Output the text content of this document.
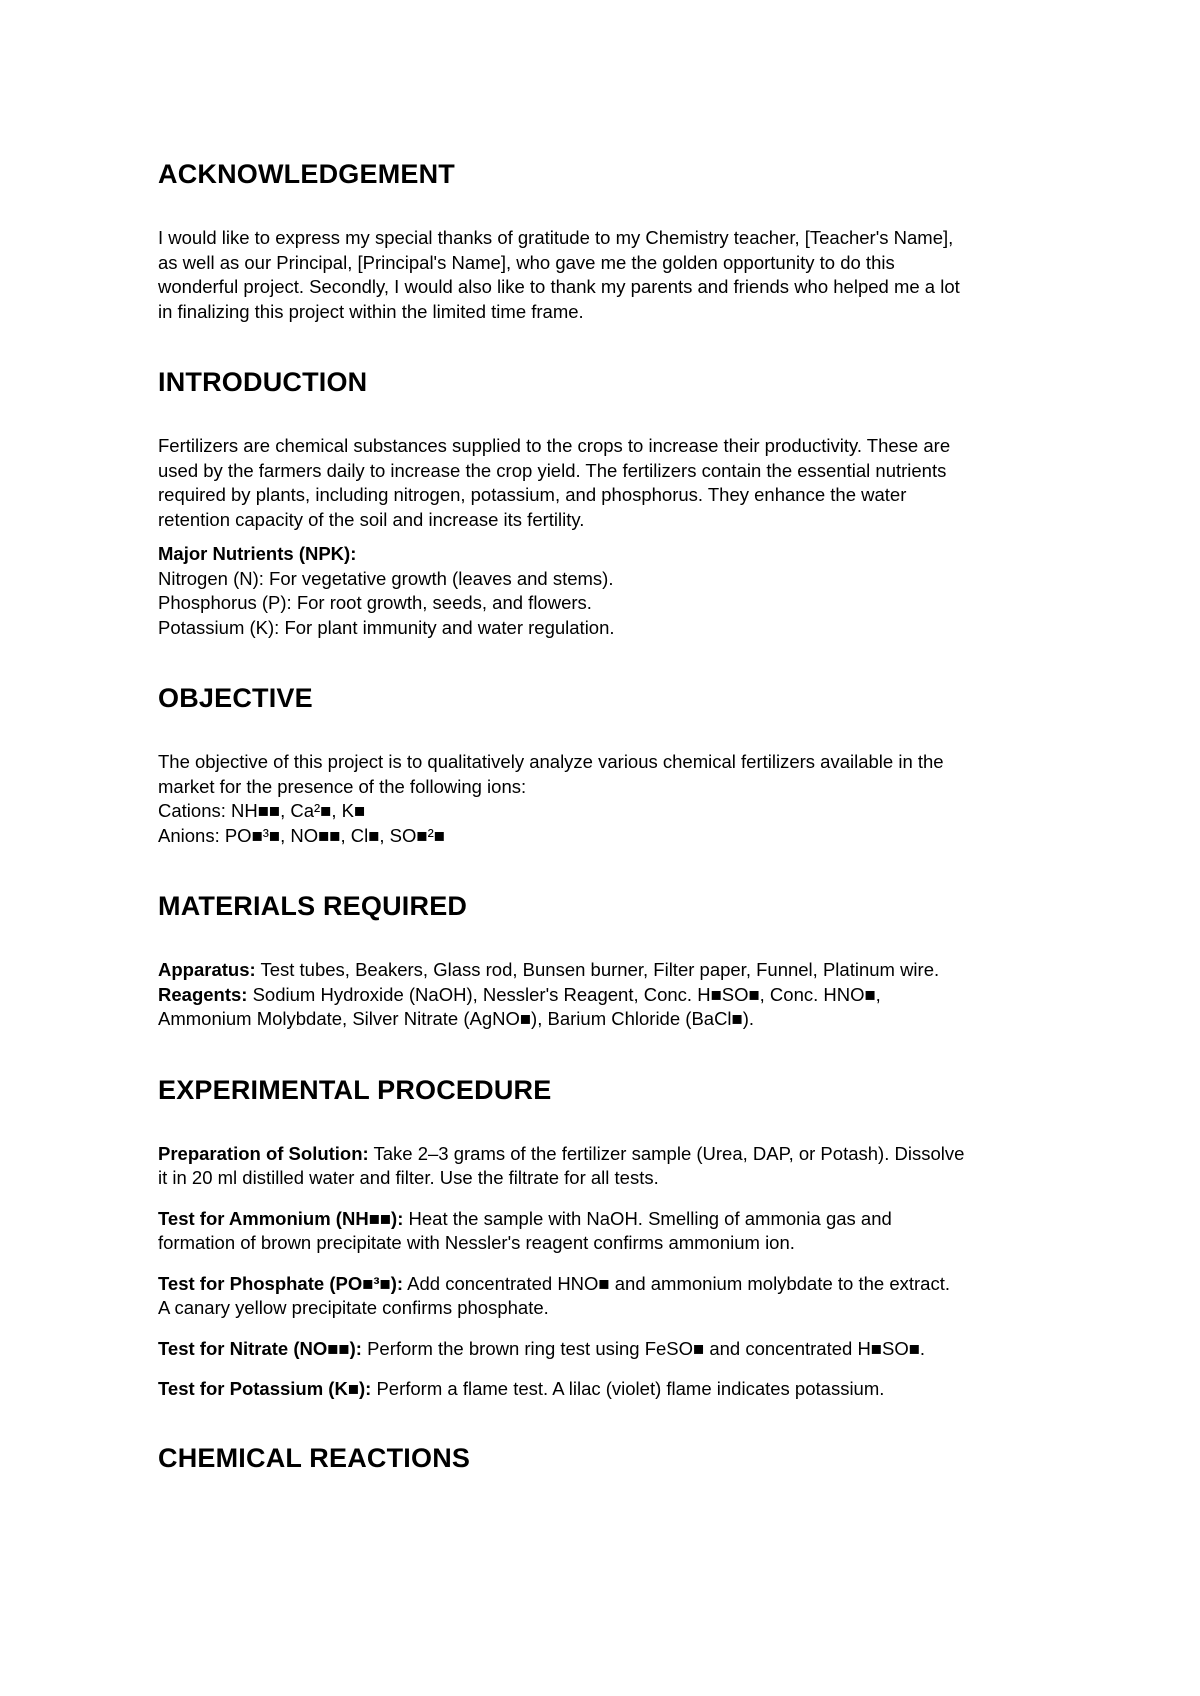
ACKNOWLEDGEMENT

I would like to express my special thanks of gratitude to my Chemistry teacher, [Teacher's Name],
as well as our Principal, [Principal's Name], who gave me the golden opportunity to do this
wonderful project. Secondly, I would also like to thank my parents and friends who helped me a lot
in finalizing this project within the limited time frame.

INTRODUCTION

Fertilizers are chemical substances supplied to the crops to increase their productivity. These are
used by the farmers daily to increase the crop yield. The fertilizers contain the essential nutrients
required by plants, including nitrogen, potassium, and phosphorus. They enhance the water
retention capacity of the soil and increase its fertility.

Major Nutrients (NPK):
Nitrogen (N): For vegetative growth (leaves and stems).
Phosphorus (P): For root growth, seeds, and flowers.
Potassium (K): For plant immunity and water regulation.

OBJECTIVE

The objective of this project is to qualitatively analyze various chemical fertilizers available in the
market for the presence of the following ions:
Cations: NH■■, Ca²■, K■
Anions: PO■³■, NO■■, Cl■, SO■²■

MATERIALS REQUIRED

Apparatus: Test tubes, Beakers, Glass rod, Bunsen burner, Filter paper, Funnel, Platinum wire.
Reagents: Sodium Hydroxide (NaOH), Nessler's Reagent, Conc. H■SO■, Conc. HNO■,
Ammonium Molybdate, Silver Nitrate (AgNO■), Barium Chloride (BaCl■).

EXPERIMENTAL PROCEDURE

Preparation of Solution: Take 2–3 grams of the fertilizer sample (Urea, DAP, or Potash). Dissolve
it in 20 ml distilled water and filter. Use the filtrate for all tests.

Test for Ammonium (NH■■): Heat the sample with NaOH. Smelling of ammonia gas and
formation of brown precipitate with Nessler's reagent confirms ammonium ion.

Test for Phosphate (PO■³■): Add concentrated HNO■ and ammonium molybdate to the extract.
A canary yellow precipitate confirms phosphate.

Test for Nitrate (NO■■): Perform the brown ring test using FeSO■ and concentrated H■SO■.

Test for Potassium (K■): Perform a flame test. A lilac (violet) flame indicates potassium.

CHEMICAL REACTIONS
